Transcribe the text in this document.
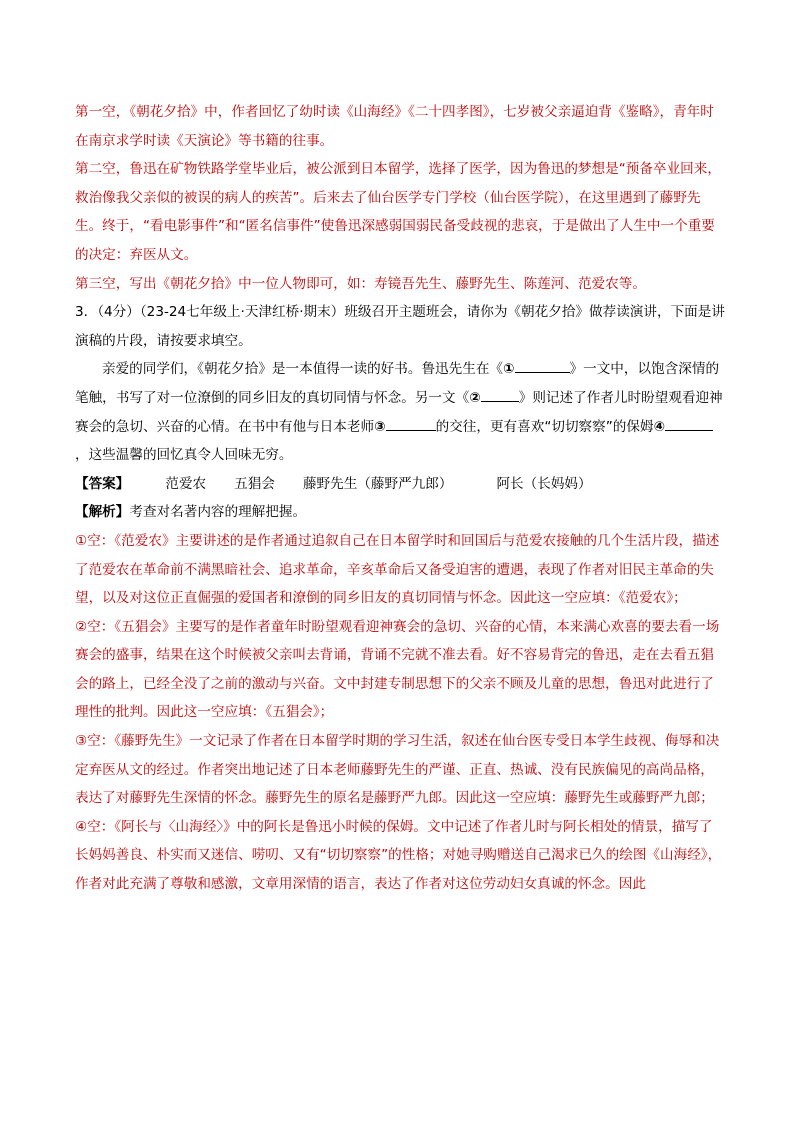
第一空，《朝花夕拾》中，作者回忆了幼时读《山海经》《二十四孝图》，七岁被父亲逼迫背《鉴略》，青年时在南京求学时读《天演论》等书籍的往事。

第二空，鲁迅在矿物铁路学堂毕业后，被公派到日本留学，选择了医学，因为鲁迅的梦想是“预备卒业回来，救治像我父亲似的被误的病人的疾苦”。后来去了仙台医学专门学校（仙台医学院），在这里遇到了藤野先生。终于，“看电影事件”和“匿名信事件”使鲁迅深感弱国弱民备受歧视的悲哀，于是做出了人生中一个重要的决定：弃医从文。

第三空，写出《朝花夕拾》中一位人物即可，如：寿镜吾先生、藤野先生、陈莲河、范爱农等。

3．（4分）（23-24七年级上·天津红桥·期末）班级召开主题班会，请你为《朝花夕拾》做荐读演讲，下面是讲演稿的片段，请按要求填空。

亲爱的同学们，《朝花夕拾》是一本值得一读的好书。鲁迅先生在《①	》一文中，以饱含深情的笔触，书写了对一位潦倒的同乡旧友的真切同情与怀念。另一文《②	》则记述了作者儿时盼望观看迎神赛会的急切、兴奋的心情。在书中有他与日本老师③	的交往，更有喜欢“切切察察”的保姆④，这些温馨的回忆真令人回味无穷。

【答案】	范爱农 五猖会 藤野先生（藤野严九郎）	阿长（长妈妈）

【解析】考查对名著内容的理解把握。

①空：《范爱农》主要讲述的是作者通过追叙自己在日本留学时和回国后与范爱农接触的几个生活片段，描述了范爱农在革命前不满黑暗社会、追求革命，辛亥革命后又备受迫害的遭遇，表现了作者对旧民主革命的失望，以及对这位正直倔强的爱国者和潦倒的同乡旧友的真切同情与怀念。因此这一空应填：《范爱农》；

②空：《五猖会》主要写的是作者童年时盼望观看迎神赛会的急切、兴奋的心情，本来满心欢喜的要去看一场赛会的盛事，结果在这个时候被父亲叫去背诵，背诵不完就不准去看。好不容易背完的鲁迅，走在去看五猖会的路上，已经全没了之前的激动与兴奋。文中封建专制思想下的父亲不顾及儿童的思想，鲁迅对此进行了理性的批判。因此这一空应填：《五猖会》；

③空：《藤野先生》一文记录了作者在日本留学时期的学习生活，叙述在仙台医专受日本学生歧视、侮辱和决定弃医从文的经过。作者突出地记述了日本老师藤野先生的严谨、正直、热诚、没有民族偏见的高尚品格，表达了对藤野先生深情的怀念。藤野先生的原名是藤野严九郎。因此这一空应填：藤野先生或藤野严九郎；

④空：《阿长与〈山海经〉》中的阿长是鲁迅小时候的保姆。文中记述了作者儿时与阿长相处的情景，描写了长妈妈善良、朴实而又迷信、唠叨、又有“切切察察”的性格；对她寻购赠送自己渴求已久的绘图《山海经》，作者对此充满了尊敬和感激，文章用深情的语言，表达了作者对这位劳动妇女真诚的怀念。因此
